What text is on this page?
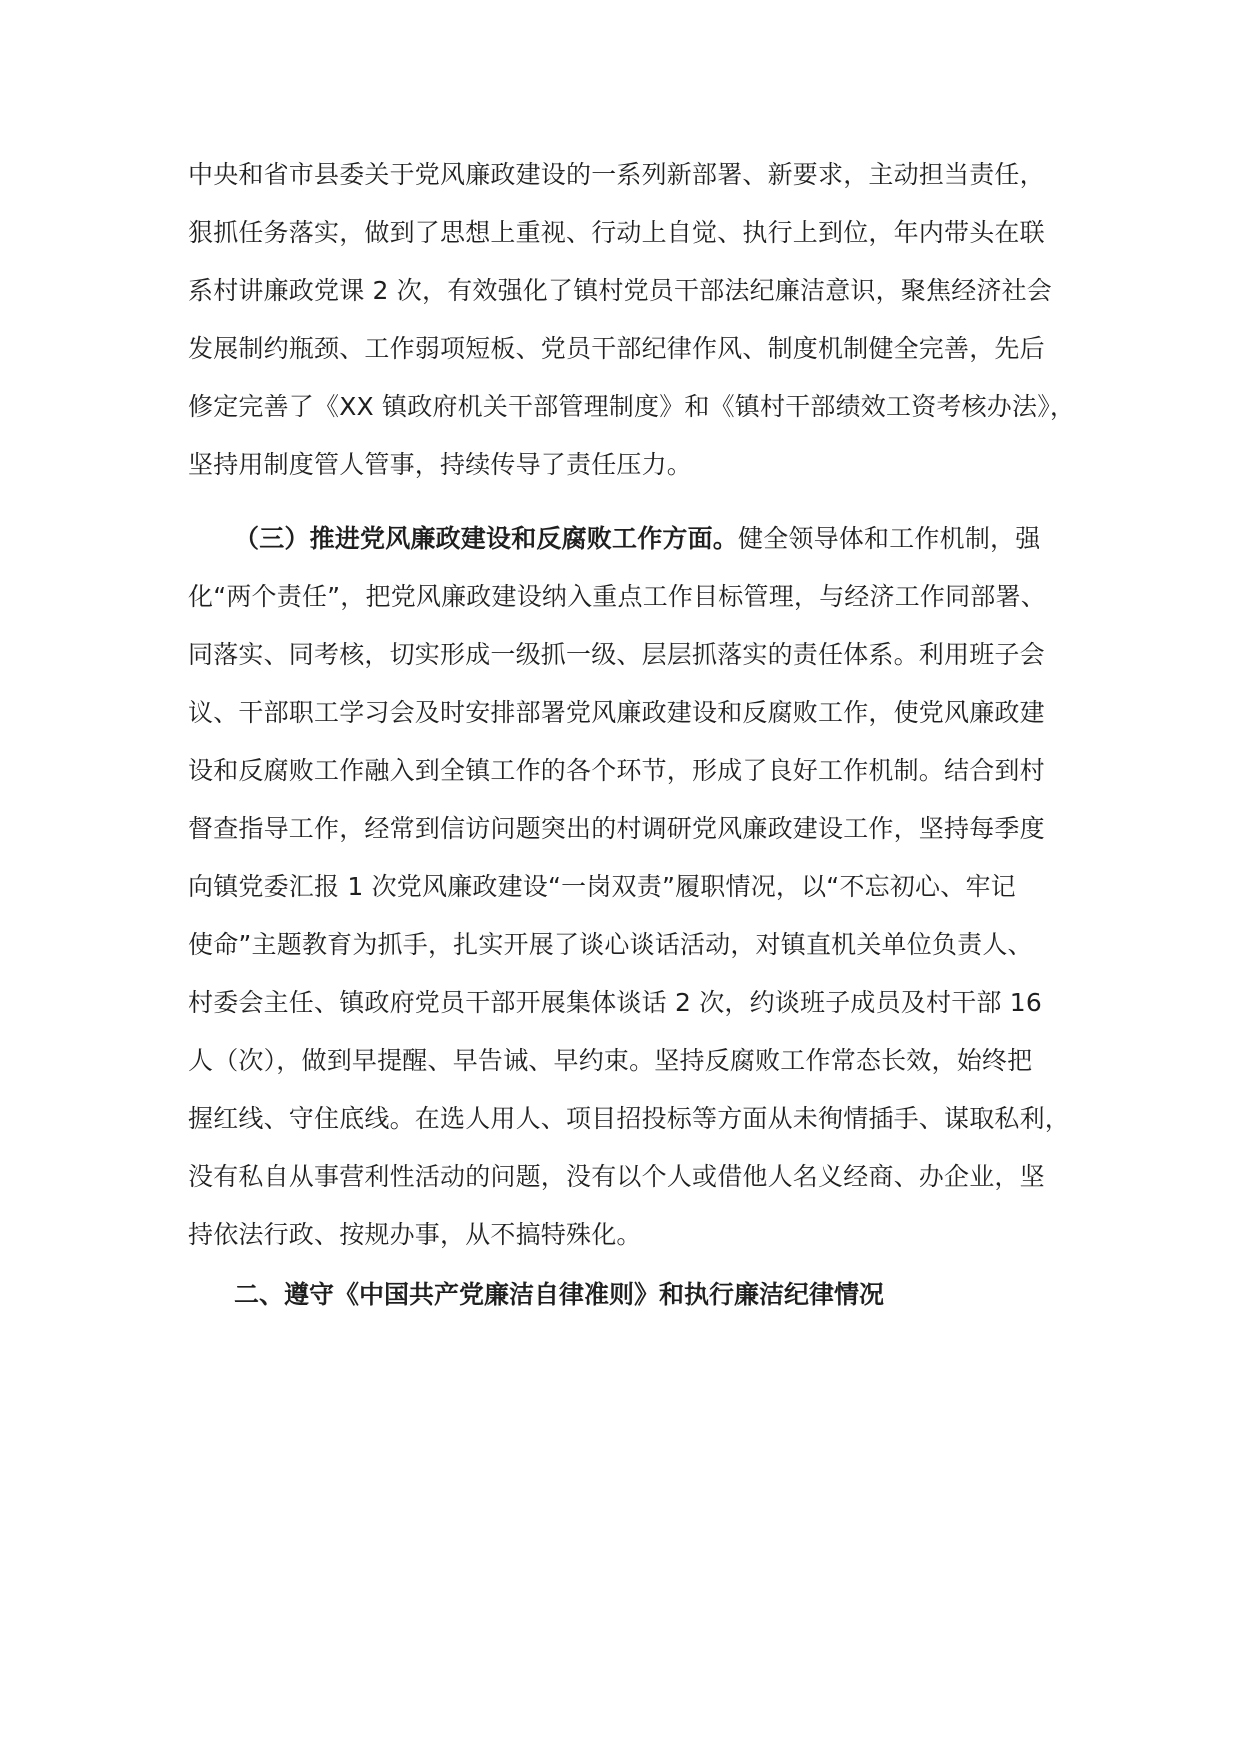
中央和省市县委关于党风廉政建设的一系列新部署、新要求，主动担当责任，
狠抓任务落实，做到了思想上重视、行动上自觉、执行上到位，年内带头在联
系村讲廉政党课 2 次，有效强化了镇村党员干部法纪廉洁意识，聚焦经济社会
发展制约瓶颈、工作弱项短板、党员干部纪律作风、制度机制健全完善，先后
修定完善了《XX 镇政府机关干部管理制度》和《镇村干部绩效工资考核办法》，
坚持用制度管人管事，持续传导了责任压力。
（三）推进党风廉政建设和反腐败工作方面。健全领导体和工作机制，强
化“两个责任”，把党风廉政建设纳入重点工作目标管理，与经济工作同部署、
同落实、同考核，切实形成一级抓一级、层层抓落实的责任体系。利用班子会
议、干部职工学习会及时安排部署党风廉政建设和反腐败工作，使党风廉政建
设和反腐败工作融入到全镇工作的各个环节，形成了良好工作机制。结合到村
督查指导工作，经常到信访问题突出的村调研党风廉政建设工作，坚持每季度
向镇党委汇报 1 次党风廉政建设“一岗双责”履职情况，以“不忘初心、牢记
使命”主题教育为抓手，扎实开展了谈心谈话活动，对镇直机关单位负责人、
村委会主任、镇政府党员干部开展集体谈话 2 次，约谈班子成员及村干部 16
人（次），做到早提醒、早告诫、早约束。坚持反腐败工作常态长效，始终把
握红线、守住底线。在选人用人、项目招投标等方面从未徇情插手、谋取私利，
没有私自从事营利性活动的问题，没有以个人或借他人名义经商、办企业，坚
持依法行政、按规办事，从不搞特殊化。
二、遵守《中国共产党廉洁自律准则》和执行廉洁纪律情况
